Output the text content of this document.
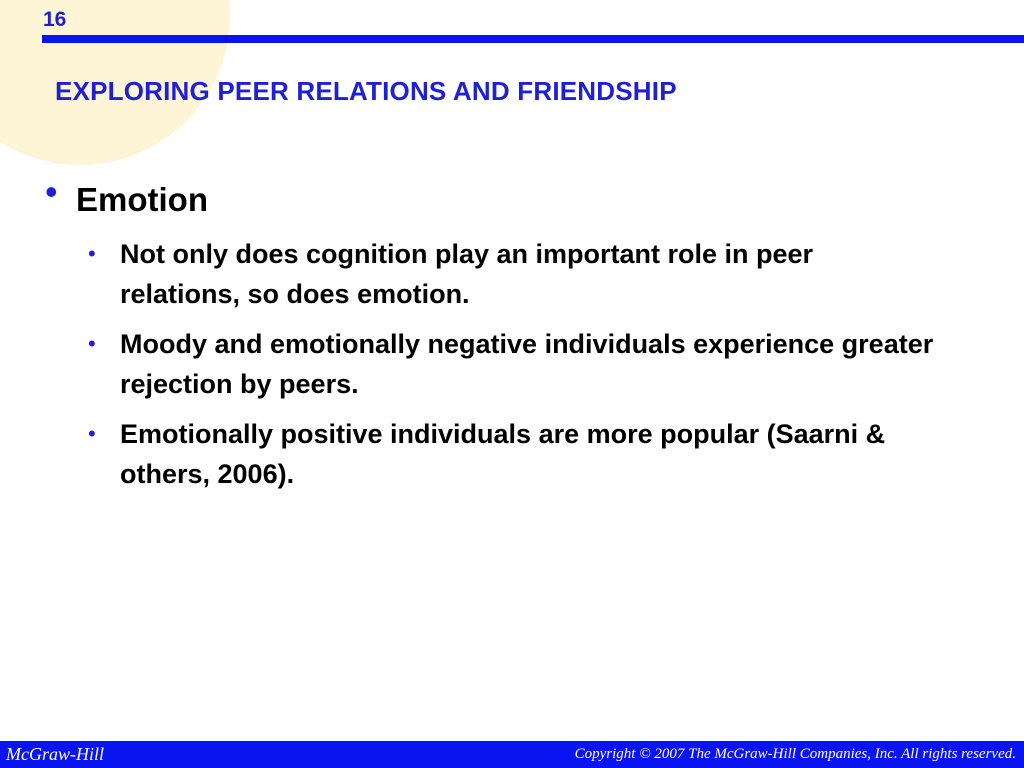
16
EXPLORING PEER RELATIONS AND FRIENDSHIP
• Emotion
• Not only does cognition play an important role in peer relations, so does emotion.
• Moody and emotionally negative individuals experience greater rejection by peers.
• Emotionally positive individuals are more popular (Saarni & others, 2006).
McGraw-Hill	Copyright © 2007 The McGraw-Hill Companies, Inc. All rights reserved.
